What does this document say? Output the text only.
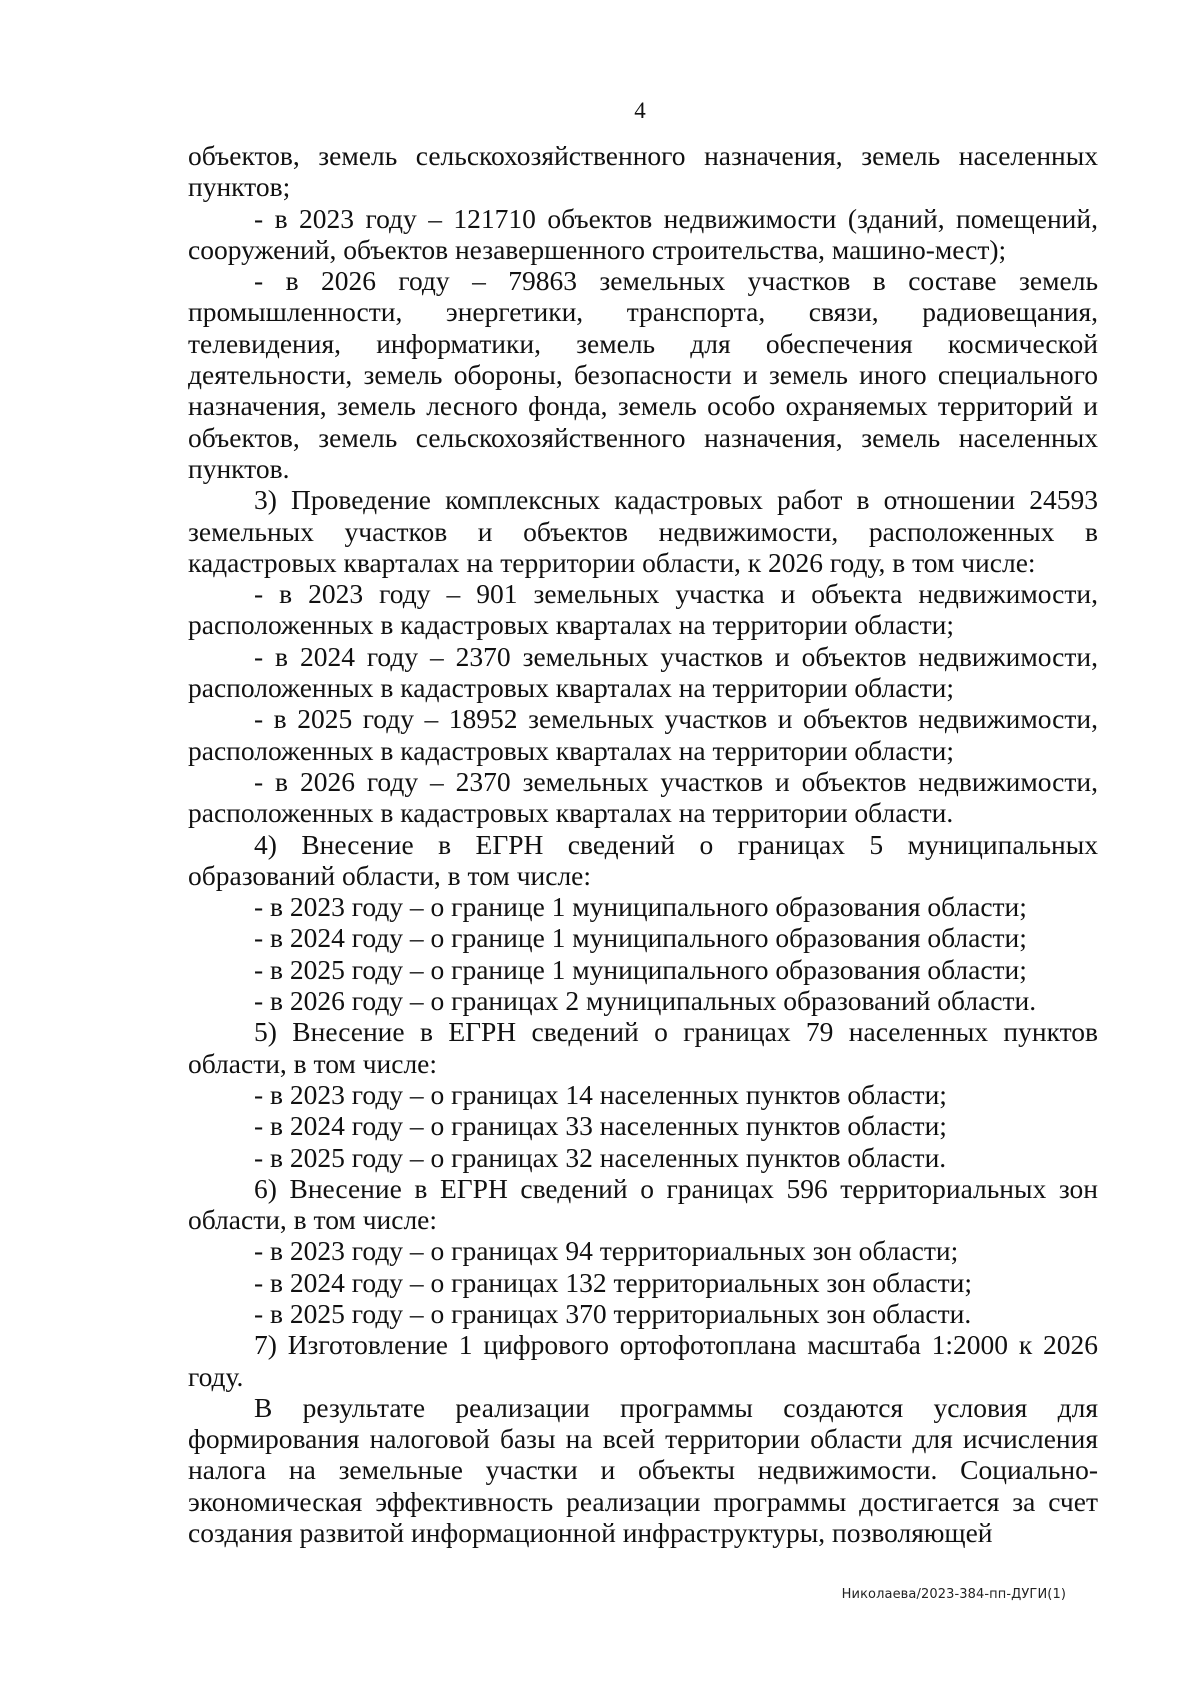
4

объектов, земель сельскохозяйственного назначения, земель населенных пунктов;

- в 2023 году – 121710 объектов недвижимости (зданий, помещений, сооружений, объектов незавершенного строительства, машино-мест);

- в 2026 году – 79863 земельных участков в составе земель промышленности, энергетики, транспорта, связи, радиовещания, телевидения, информатики, земель для обеспечения космической деятельности, земель обороны, безопасности и земель иного специального назначения, земель лесного фонда, земель особо охраняемых территорий и объектов, земель сельскохозяйственного назначения, земель населенных пунктов.

3) Проведение комплексных кадастровых работ в отношении 24593 земельных участков и объектов недвижимости, расположенных в кадастровых кварталах на территории области, к 2026 году, в том числе:

- в 2023 году – 901 земельных участка и объекта недвижимости, расположенных в кадастровых кварталах на территории области;

- в 2024 году – 2370 земельных участков и объектов недвижимости, расположенных в кадастровых кварталах на территории области;

- в 2025 году – 18952 земельных участков и объектов недвижимости, расположенных в кадастровых кварталах на территории области;

- в 2026 году – 2370 земельных участков и объектов недвижимости, расположенных в кадастровых кварталах на территории области.

4) Внесение в ЕГРН сведений о границах 5 муниципальных образований области, в том числе:

- в 2023 году – о границе 1 муниципального образования области;

- в 2024 году – о границе 1 муниципального образования области;

- в 2025 году – о границе 1 муниципального образования области;

- в 2026 году – о границах 2 муниципальных образований области.

5) Внесение в ЕГРН сведений о границах 79 населенных пунктов области, в том числе:

- в 2023 году – о границах 14 населенных пунктов области;

- в 2024 году – о границах 33 населенных пунктов области;

- в 2025 году – о границах 32 населенных пунктов области.

6) Внесение в ЕГРН сведений о границах 596 территориальных зон области, в том числе:

- в 2023 году – о границах 94 территориальных зон области;

- в 2024 году – о границах 132 территориальных зон области;

- в 2025 году – о границах 370 территориальных зон области.

7) Изготовление 1 цифрового ортофотоплана масштаба 1:2000 к 2026 году.

В результате реализации программы создаются условия для формирования налоговой базы на всей территории области для исчисления налога на земельные участки и объекты недвижимости. Социально-экономическая эффективность реализации программы достигается за счет создания развитой информационной инфраструктуры, позволяющей

Николаева/2023-384-пп-ДУГИ(1)
